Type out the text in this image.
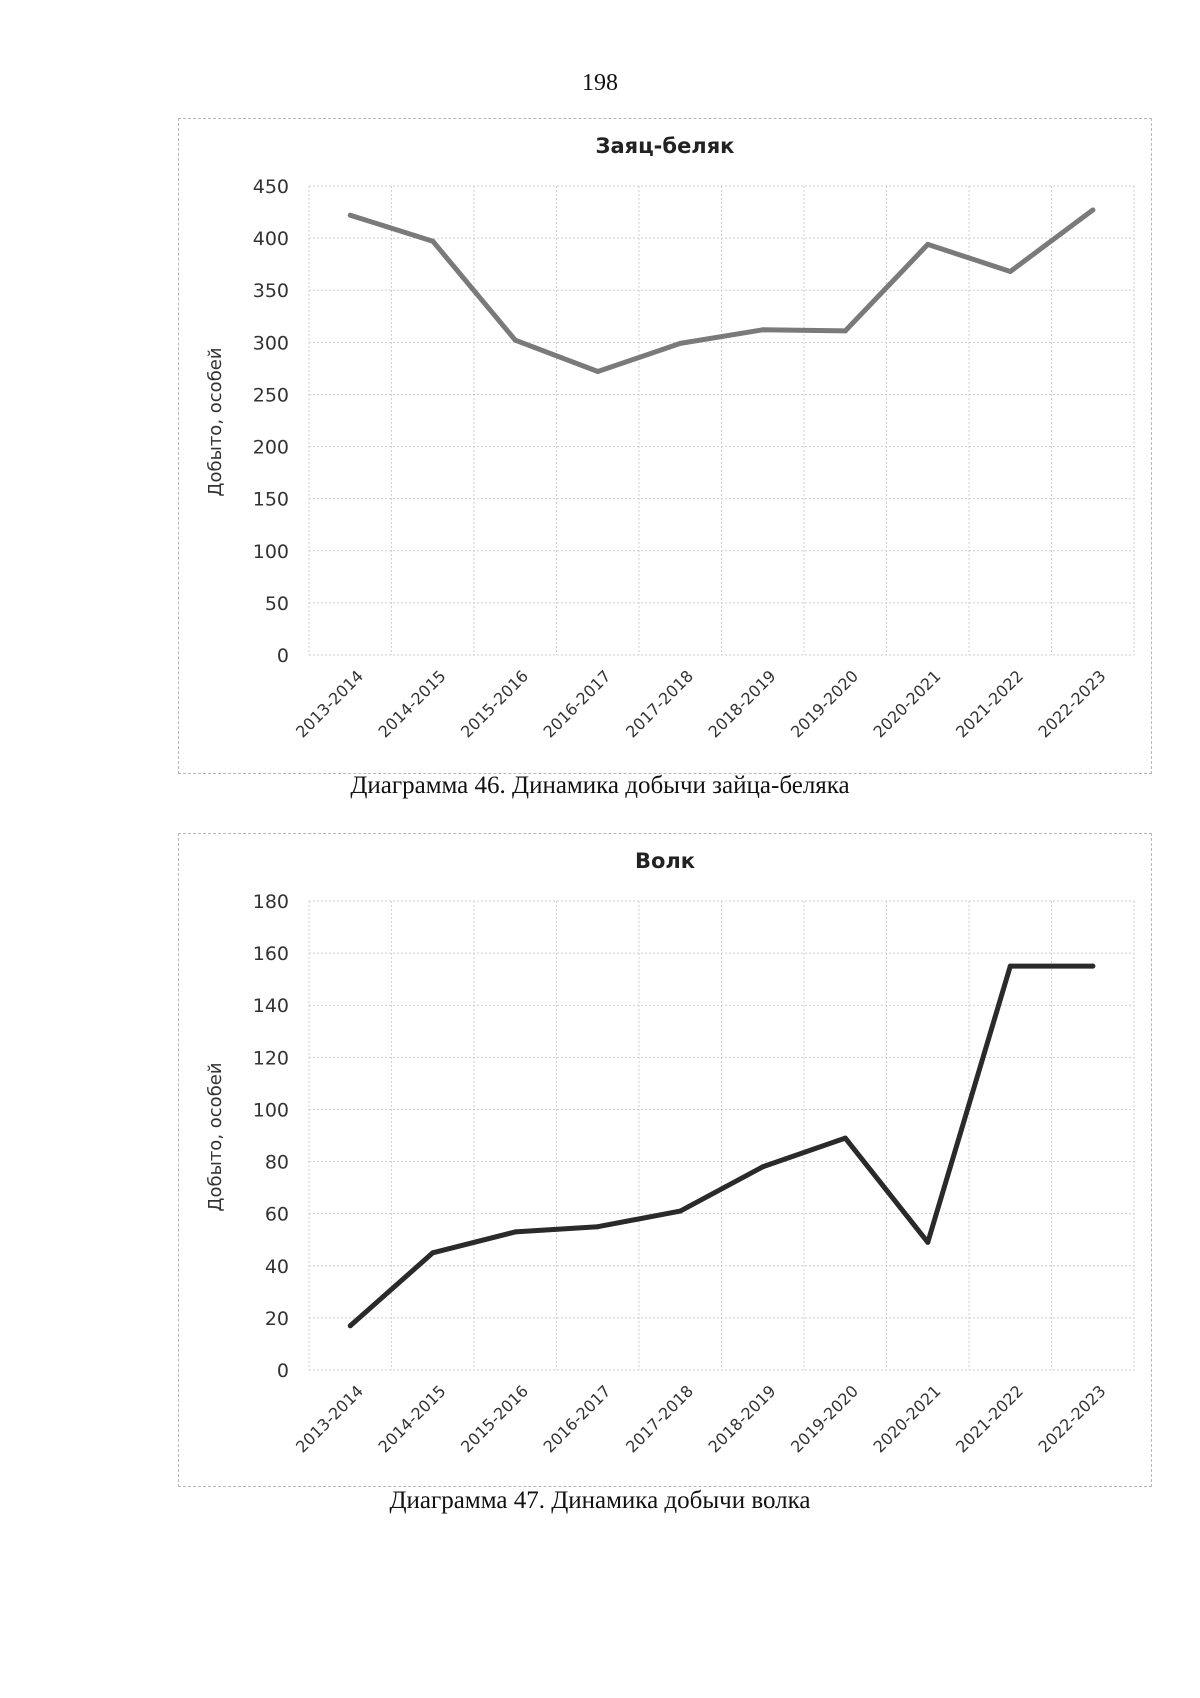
198
Заяц-беляк
Добыто, особей
0
50
100
150
200
250
300
350
400
450
2013-2014 2014-2015 2015-2016 2016-2017 2017-2018 2018-2019 2019-2020 2020-2021 2021-2022 2022-2023
Диаграмма 46. Динамика добычи зайца-беляка
Волк
Добыто, особей
0
20
40
60
80
100
120
140
160
180
2013-2014 2014-2015 2015-2016 2016-2017 2017-2018 2018-2019 2019-2020 2020-2021 2021-2022 2022-2023
Диаграмма 47. Динамика добычи волка
